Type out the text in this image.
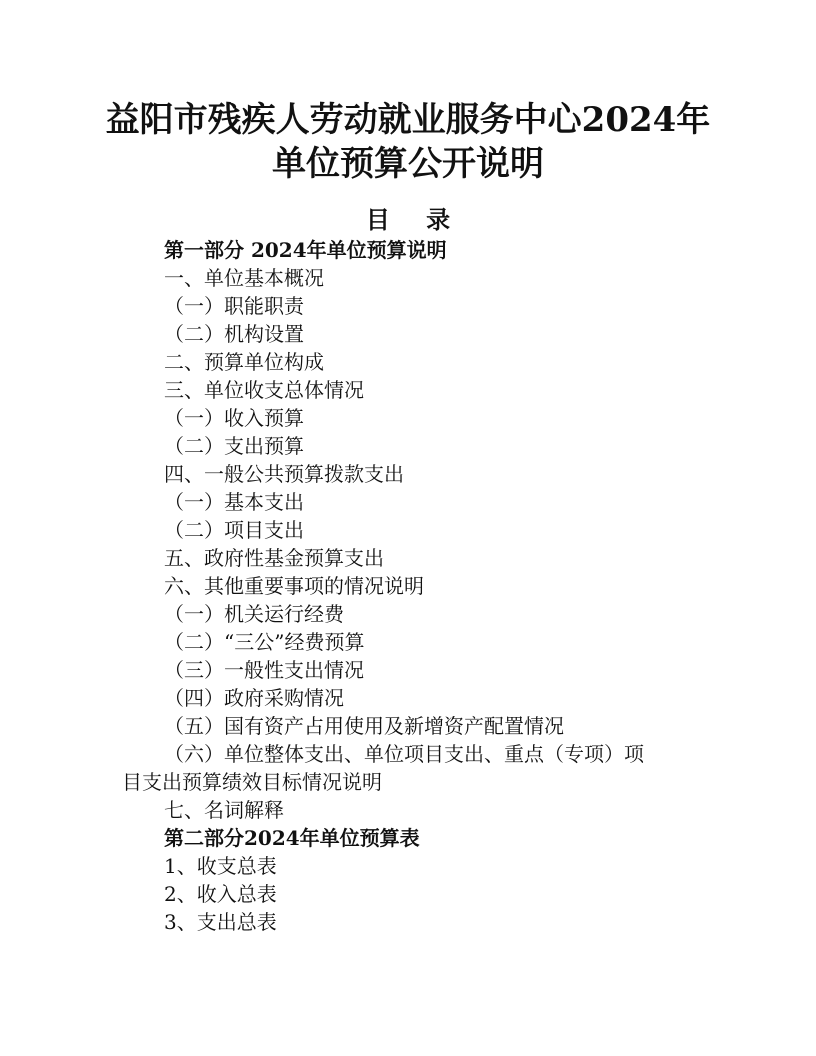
益阳市残疾人劳动就业服务中心2024年
单位预算公开说明
目 录
第一部分 2024年单位预算说明
一、单位基本概况
（一）职能职责
（二）机构设置
二、预算单位构成
三、单位收支总体情况
（一）收入预算
（二）支出预算
四、一般公共预算拨款支出
（一）基本支出
（二）项目支出
五、政府性基金预算支出
六、其他重要事项的情况说明
（一）机关运行经费
（二）“三公”经费预算
（三）一般性支出情况
（四）政府采购情况
（五）国有资产占用使用及新增资产配置情况
（六）单位整体支出、单位项目支出、重点（专项）项
目支出预算绩效目标情况说明
七、名词解释
第二部分2024年单位预算表
1、收支总表
2、收入总表
3、支出总表
